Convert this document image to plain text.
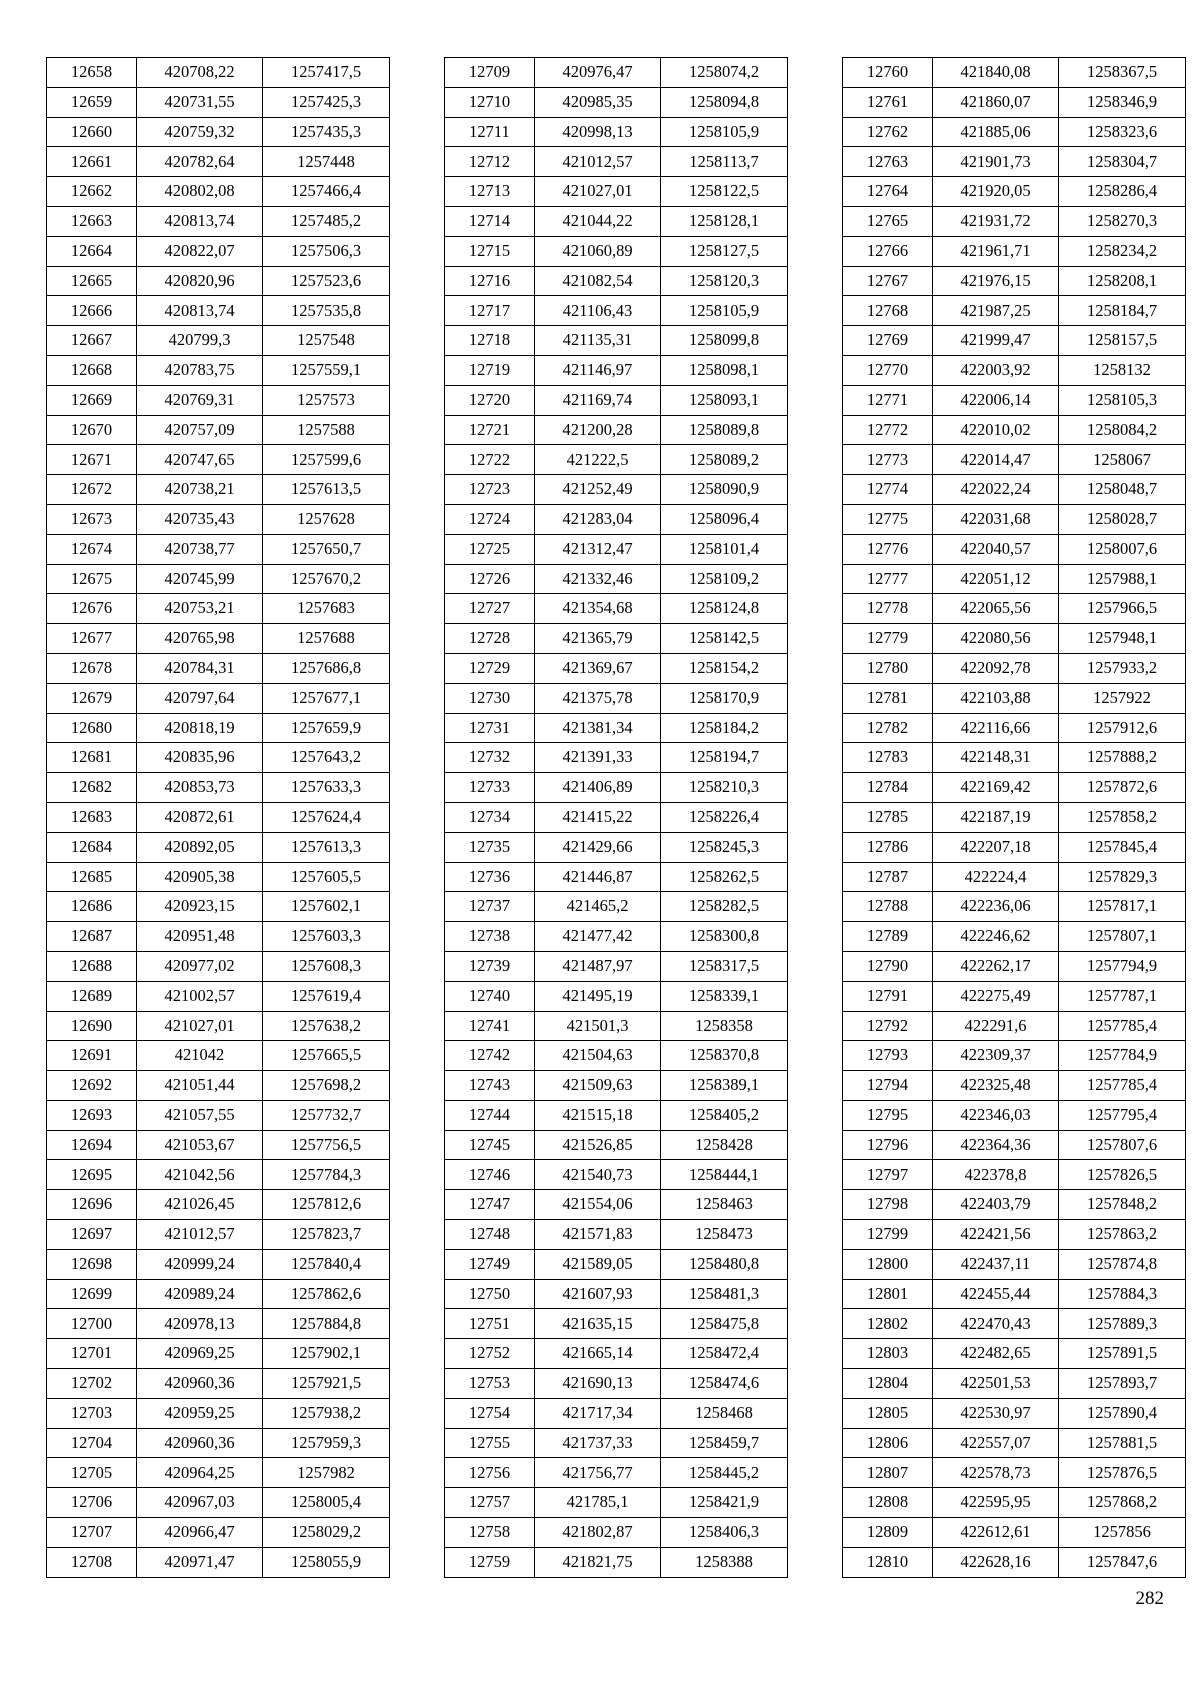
12658	420708,22	1257417,5
12659	420731,55	1257425,3
12660	420759,32	1257435,3
12661	420782,64	1257448
12662	420802,08	1257466,4
12663	420813,74	1257485,2
12664	420822,07	1257506,3
12665	420820,96	1257523,6
12666	420813,74	1257535,8
12667	420799,3	1257548
12668	420783,75	1257559,1
12669	420769,31	1257573
12670	420757,09	1257588
12671	420747,65	1257599,6
12672	420738,21	1257613,5
12673	420735,43	1257628
12674	420738,77	1257650,7
12675	420745,99	1257670,2
12676	420753,21	1257683
12677	420765,98	1257688
12678	420784,31	1257686,8
12679	420797,64	1257677,1
12680	420818,19	1257659,9
12681	420835,96	1257643,2
12682	420853,73	1257633,3
12683	420872,61	1257624,4
12684	420892,05	1257613,3
12685	420905,38	1257605,5
12686	420923,15	1257602,1
12687	420951,48	1257603,3
12688	420977,02	1257608,3
12689	421002,57	1257619,4
12690	421027,01	1257638,2
12691	421042	1257665,5
12692	421051,44	1257698,2
12693	421057,55	1257732,7
12694	421053,67	1257756,5
12695	421042,56	1257784,3
12696	421026,45	1257812,6
12697	421012,57	1257823,7
12698	420999,24	1257840,4
12699	420989,24	1257862,6
12700	420978,13	1257884,8
12701	420969,25	1257902,1
12702	420960,36	1257921,5
12703	420959,25	1257938,2
12704	420960,36	1257959,3
12705	420964,25	1257982
12706	420967,03	1258005,4
12707	420966,47	1258029,2
12708	420971,47	1258055,9
12709	420976,47	1258074,2
12710	420985,35	1258094,8
12711	420998,13	1258105,9
12712	421012,57	1258113,7
12713	421027,01	1258122,5
12714	421044,22	1258128,1
12715	421060,89	1258127,5
12716	421082,54	1258120,3
12717	421106,43	1258105,9
12718	421135,31	1258099,8
12719	421146,97	1258098,1
12720	421169,74	1258093,1
12721	421200,28	1258089,8
12722	421222,5	1258089,2
12723	421252,49	1258090,9
12724	421283,04	1258096,4
12725	421312,47	1258101,4
12726	421332,46	1258109,2
12727	421354,68	1258124,8
12728	421365,79	1258142,5
12729	421369,67	1258154,2
12730	421375,78	1258170,9
12731	421381,34	1258184,2
12732	421391,33	1258194,7
12733	421406,89	1258210,3
12734	421415,22	1258226,4
12735	421429,66	1258245,3
12736	421446,87	1258262,5
12737	421465,2	1258282,5
12738	421477,42	1258300,8
12739	421487,97	1258317,5
12740	421495,19	1258339,1
12741	421501,3	1258358
12742	421504,63	1258370,8
12743	421509,63	1258389,1
12744	421515,18	1258405,2
12745	421526,85	1258428
12746	421540,73	1258444,1
12747	421554,06	1258463
12748	421571,83	1258473
12749	421589,05	1258480,8
12750	421607,93	1258481,3
12751	421635,15	1258475,8
12752	421665,14	1258472,4
12753	421690,13	1258474,6
12754	421717,34	1258468
12755	421737,33	1258459,7
12756	421756,77	1258445,2
12757	421785,1	1258421,9
12758	421802,87	1258406,3
12759	421821,75	1258388
12760	421840,08	1258367,5
12761	421860,07	1258346,9
12762	421885,06	1258323,6
12763	421901,73	1258304,7
12764	421920,05	1258286,4
12765	421931,72	1258270,3
12766	421961,71	1258234,2
12767	421976,15	1258208,1
12768	421987,25	1258184,7
12769	421999,47	1258157,5
12770	422003,92	1258132
12771	422006,14	1258105,3
12772	422010,02	1258084,2
12773	422014,47	1258067
12774	422022,24	1258048,7
12775	422031,68	1258028,7
12776	422040,57	1258007,6
12777	422051,12	1257988,1
12778	422065,56	1257966,5
12779	422080,56	1257948,1
12780	422092,78	1257933,2
12781	422103,88	1257922
12782	422116,66	1257912,6
12783	422148,31	1257888,2
12784	422169,42	1257872,6
12785	422187,19	1257858,2
12786	422207,18	1257845,4
12787	422224,4	1257829,3
12788	422236,06	1257817,1
12789	422246,62	1257807,1
12790	422262,17	1257794,9
12791	422275,49	1257787,1
12792	422291,6	1257785,4
12793	422309,37	1257784,9
12794	422325,48	1257785,4
12795	422346,03	1257795,4
12796	422364,36	1257807,6
12797	422378,8	1257826,5
12798	422403,79	1257848,2
12799	422421,56	1257863,2
12800	422437,11	1257874,8
12801	422455,44	1257884,3
12802	422470,43	1257889,3
12803	422482,65	1257891,5
12804	422501,53	1257893,7
12805	422530,97	1257890,4
12806	422557,07	1257881,5
12807	422578,73	1257876,5
12808	422595,95	1257868,2
12809	422612,61	1257856
12810	422628,16	1257847,6
282
